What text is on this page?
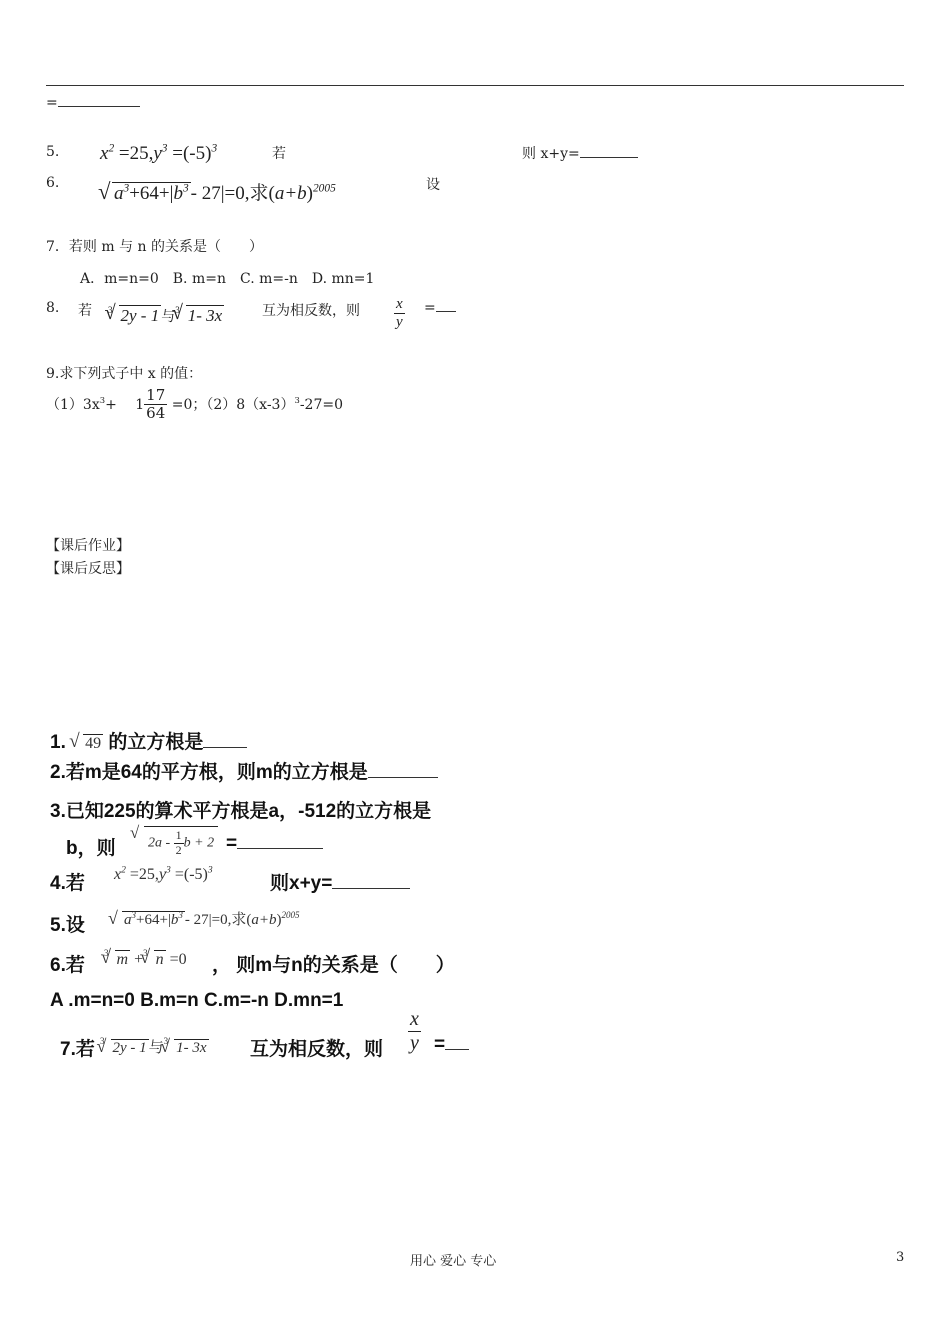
=
5. $x^2 =25,y^3 =(-5)^3$	若	则 x+y=
6.	√ $a^3+64+|b^3 - 27|=0$,求$(a+b)^{2005}$	设
7．若则 m 与 n 的关系是（　　）
A．m=n=0　B. m=n　C. m=-n　D. mn=1
8. 若 $^3$ √ 2y - 1 与$^3$ √ 1- 3x	互为相反数，则 $\frac{x}{y}$ =
9.求下列式子中 x 的值：
$(1)3x^3+ 1 \frac{17}{64} =0$；$(2)8(x-3)^3-27=0$
【课后作业】
【课后反思】
1. √ 49 的立方根是
2.若m是64的平方根，则m的立方根是
3.已知225的算术平方根是a，-512的立方根是
b，则	√ $2a - \frac{1}{2}$ b + 2 =
4.若 $x^2 =25,y^3 =(-5)^3$
则x+y=
5.设	√ $a^3+64+|b^3 - 27|=0$,求$(a+b)^{2005}$
6.若
$^3$ √ m +$^3$ √ n =0 ， 则m与n的关系是（　　）
A .m=n=0 B.m=n C.m=-n D.mn=1
7.若 $^3$ √ 2y - 1 与$^3$ √ 1- 3x 互为相反数，则 $\frac{x}{y}$ =
用心 爱心 专心	3
